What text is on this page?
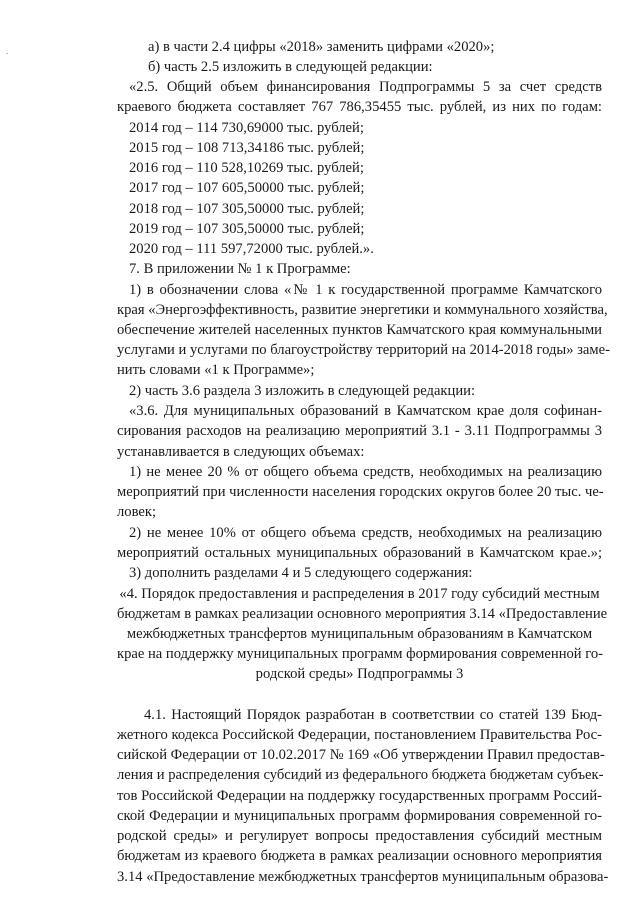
.	а) в части 2.4 цифры «2018» заменить цифрами «2020»;

б) часть 2.5 изложить в следующей редакции:

«2.5. Общий объем финансирования Подпрограммы 5 за счет средств

краевого бюджета составляет 767 786,35455 тыс. рублей, из них по годам:

2014 год – 114 730,69000 тыс. рублей;

2015 год – 108 713,34186 тыс. рублей;

2016 год – 110 528,10269 тыс. рублей;

2017 год – 107 605,50000 тыс. рублей;

2018 год – 107 305,50000 тыс. рублей;

2019 год – 107 305,50000 тыс. рублей;

2020 год – 111 597,72000 тыс. рублей.».

7. В приложении № 1 к Программе:

1) в обозначении слова «№ 1 к государственной программе Камчатского

края «Энергоэффективность, развитие энергетики и коммунального хозяйства,

обеспечение жителей населенных пунктов Камчатского края коммунальными

услугами и услугами по благоустройству территорий на 2014-2018 годы» заме-

нить словами «1 к Программе»;

2) часть 3.6 раздела 3 изложить в следующей редакции:

«3.6. Для муниципальных образований в Камчатском крае доля софинан-

сирования расходов на реализацию мероприятий 3.1 - 3.11 Подпрограммы 3

устанавливается в следующих объемах:

1) не менее 20 % от общего объема средств, необходимых на реализацию

мероприятий при численности населения городских округов более 20 тыс. че-

ловек;

2) не менее 10% от общего объема средств, необходимых на реализацию

мероприятий остальных муниципальных образований в Камчатском крае.»;

3) дополнить разделами 4 и 5 следующего содержания:

«4. Порядок предоставления и распределения в 2017 году субсидий местным

бюджетам в рамках реализации основного мероприятия 3.14 «Предоставление

межбюджетных трансфертов муниципальным образованиям в Камчатском

крае на поддержку муниципальных программ формирования современной го-

родской среды» Подпрограммы 3

4.1. Настоящий Порядок разработан в соответствии со статей 139 Бюд-

жетного кодекса Российской Федерации, постановлением Правительства Рос-

сийской Федерации от 10.02.2017 № 169 «Об утверждении Правил предостав-

ления и распределения субсидий из федерального бюджета бюджетам субъек-

тов Российской Федерации на поддержку государственных программ Россий-

ской Федерации и муниципальных программ формирования современной го-

родской среды» и регулирует вопросы предоставления субсидий местным

бюджетам из краевого бюджета в рамках реализации основного мероприятия

3.14 «Предоставление межбюджетных трансфертов муниципальным образова-
